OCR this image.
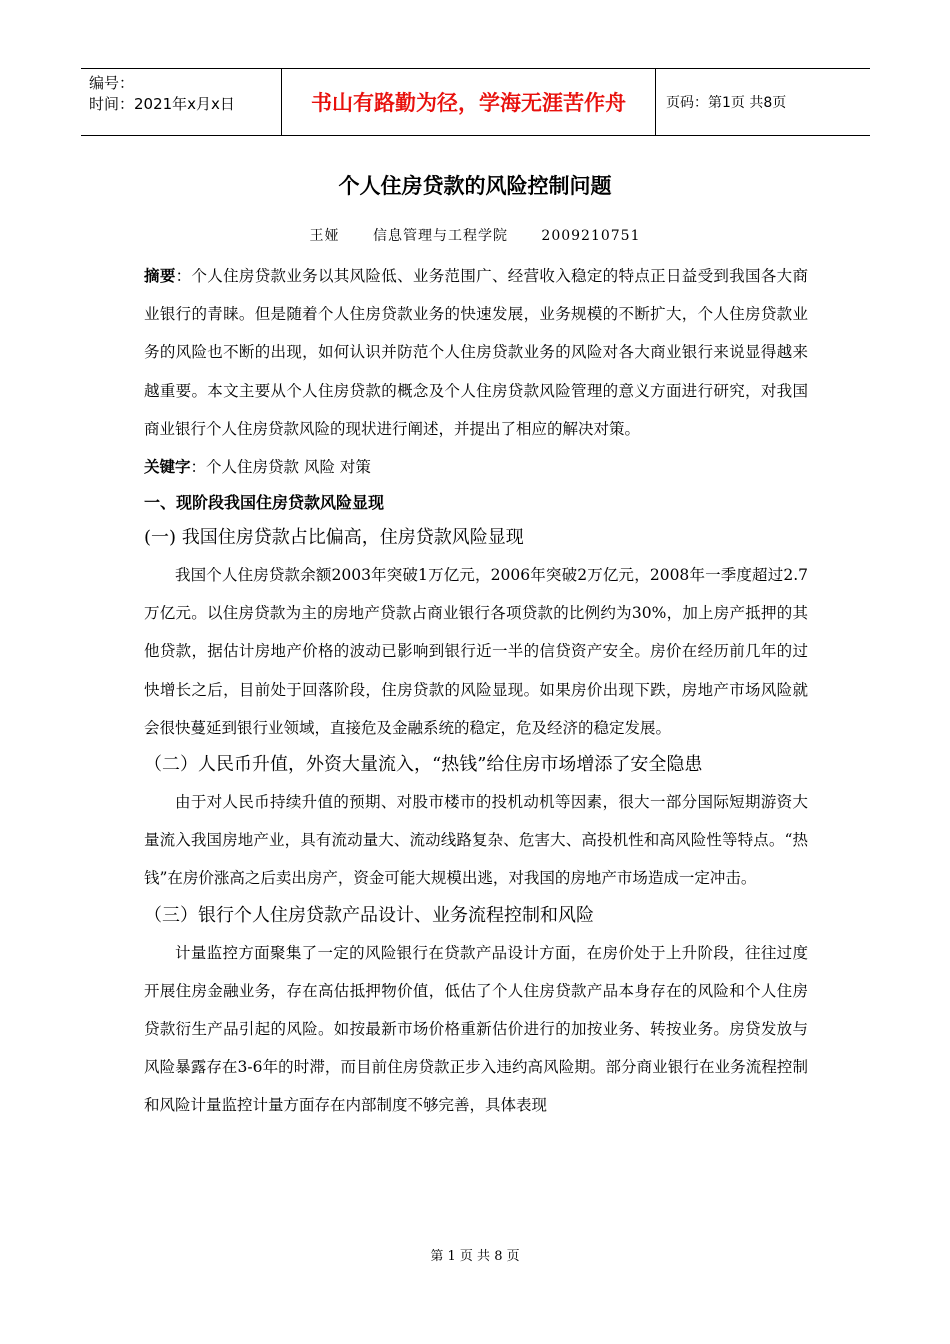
编号：
时间：2021年x月x日	书山有路勤为径，学海无涯苦作舟	页码：第1页 共8页
个人住房贷款的风险控制问题
王娅 信息管理与工程学院 2009210751

摘要：个人住房贷款业务以其风险低、业务范围广、经营收入稳定的特点正日益受到我国各大商业银行的青睐。但是随着个人住房贷款业务的快速发展，业务规模的不断扩大，个人住房贷款业务的风险也不断的出现，如何认识并防范个人住房贷款业务的风险对各大商业银行来说显得越来越重要。本文主要从个人住房贷款的概念及个人住房贷款风险管理的意义方面进行研究，对我国商业银行个人住房贷款风险的现状进行阐述，并提出了相应的解决对策。

关键字：个人住房贷款 风险 对策

一、现阶段我国住房贷款风险显现

(一) 我国住房贷款占比偏高，住房贷款风险显现

我国个人住房贷款余额2003年突破1万亿元，2006年突破2万亿元，2008年一季度超过2.7万亿元。以住房贷款为主的房地产贷款占商业银行各项贷款的比例约为30%，加上房产抵押的其他贷款，据估计房地产价格的波动已影响到银行近一半的信贷资产安全。房价在经历前几年的过快增长之后，目前处于回落阶段，住房贷款的风险显现。如果房价出现下跌，房地产市场风险就会很快蔓延到银行业领域，直接危及金融系统的稳定，危及经济的稳定发展。

（二）人民币升值，外资大量流入，“热钱”给住房市场增添了安全隐患

由于对人民币持续升值的预期、对股市楼市的投机动机等因素，很大一部分国际短期游资大量流入我国房地产业，具有流动量大、流动线路复杂、危害大、高投机性和高风险性等特点。“热钱”在房价涨高之后卖出房产，资金可能大规模出逃，对我国的房地产市场造成一定冲击。

（三）银行个人住房贷款产品设计、业务流程控制和风险

计量监控方面聚集了一定的风险银行在贷款产品设计方面，在房价处于上升阶段，往往过度开展住房金融业务，存在高估抵押物价值，低估了个人住房贷款产品本身存在的风险和个人住房贷款衍生产品引起的风险。如按最新市场价格重新估价进行的加按业务、转按业务。房贷发放与风险暴露存在3-6年的时滞，而目前住房贷款正步入违约高风险期。部分商业银行在业务流程控制和风险计量监控计量方面存在内部制度不够完善，具体表现

第 1 页 共 8 页
